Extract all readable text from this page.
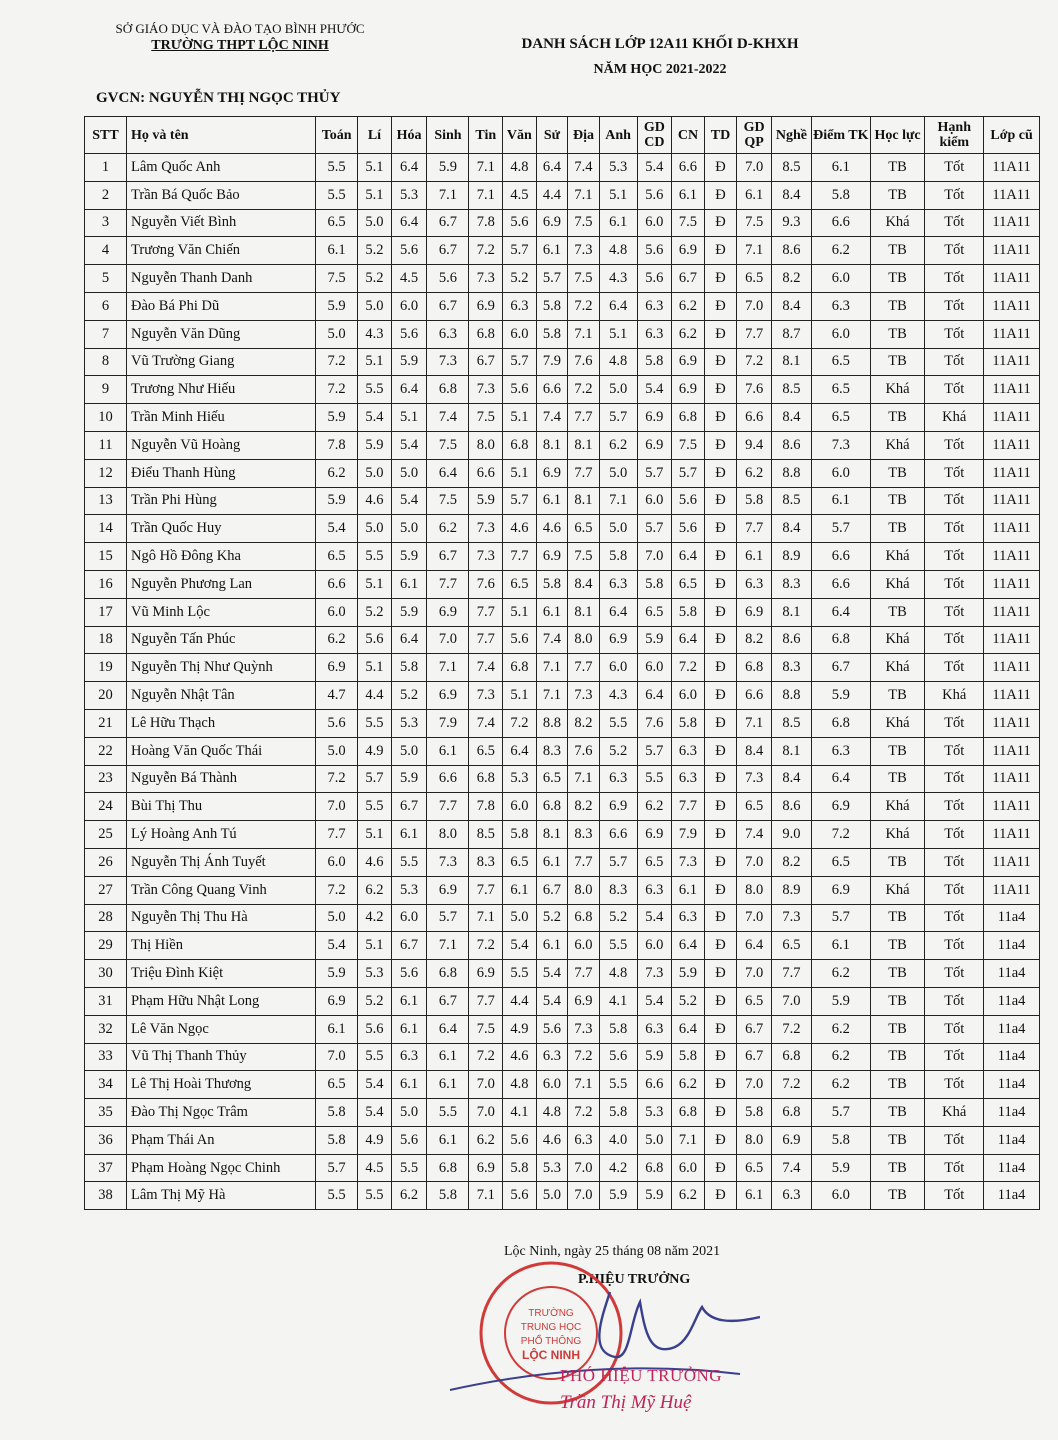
SỞ GIÁO DỤC VÀ ĐÀO TẠO BÌNH PHƯỚC
TRƯỜNG THPT LỘC NINH
GVCN: NGUYỄN THỊ NGỌC THỦY
DANH SÁCH LỚP 12A11 KHỐI D-KHXH
NĂM HỌC 2021-2022
STT	Họ và tên	Toán	Lí	Hóa	Sinh	Tin	Văn	Sử	Địa	Anh	GD CD	CN	TD	GD QP	Nghề	Điểm TK	Học lực	Hạnh kiểm	Lớp cũ
1	Lâm Quốc Anh	5.5	5.1	6.4	5.9	7.1	4.8	6.4	7.4	5.3	5.4	6.6	Đ	7.0	8.5	6.1	TB	Tốt	11A11
2	Trần Bá Quốc Bảo	5.5	5.1	5.3	7.1	7.1	4.5	4.4	7.1	5.1	5.6	6.1	Đ	6.1	8.4	5.8	TB	Tốt	11A11
3	Nguyễn Viết Bình	6.5	5.0	6.4	6.7	7.8	5.6	6.9	7.5	6.1	6.0	7.5	Đ	7.5	9.3	6.6	Khá	Tốt	11A11
4	Trương Văn Chiến	6.1	5.2	5.6	6.7	7.2	5.7	6.1	7.3	4.8	5.6	6.9	Đ	7.1	8.6	6.2	TB	Tốt	11A11
5	Nguyễn Thanh Danh	7.5	5.2	4.5	5.6	7.3	5.2	5.7	7.5	4.3	5.6	6.7	Đ	6.5	8.2	6.0	TB	Tốt	11A11
6	Đào Bá Phi Dũ	5.9	5.0	6.0	6.7	6.9	6.3	5.8	7.2	6.4	6.3	6.2	Đ	7.0	8.4	6.3	TB	Tốt	11A11
7	Nguyễn Văn Dũng	5.0	4.3	5.6	6.3	6.8	6.0	5.8	7.1	5.1	6.3	6.2	Đ	7.7	8.7	6.0	TB	Tốt	11A11
8	Vũ Trường Giang	7.2	5.1	5.9	7.3	6.7	5.7	7.9	7.6	4.8	5.8	6.9	Đ	7.2	8.1	6.5	TB	Tốt	11A11
9	Trương Như Hiếu	7.2	5.5	6.4	6.8	7.3	5.6	6.6	7.2	5.0	5.4	6.9	Đ	7.6	8.5	6.5	Khá	Tốt	11A11
10	Trần Minh Hiếu	5.9	5.4	5.1	7.4	7.5	5.1	7.4	7.7	5.7	6.9	6.8	Đ	6.6	8.4	6.5	TB	Khá	11A11
11	Nguyễn Vũ Hoàng	7.8	5.9	5.4	7.5	8.0	6.8	8.1	8.1	6.2	6.9	7.5	Đ	9.4	8.6	7.3	Khá	Tốt	11A11
12	Điểu Thanh Hùng	6.2	5.0	5.0	6.4	6.6	5.1	6.9	7.7	5.0	5.7	5.7	Đ	6.2	8.8	6.0	TB	Tốt	11A11
13	Trần Phi Hùng	5.9	4.6	5.4	7.5	5.9	5.7	6.1	8.1	7.1	6.0	5.6	Đ	5.8	8.5	6.1	TB	Tốt	11A11
14	Trần Quốc Huy	5.4	5.0	5.0	6.2	7.3	4.6	4.6	6.5	5.0	5.7	5.6	Đ	7.7	8.4	5.7	TB	Tốt	11A11
15	Ngô Hồ Đông Kha	6.5	5.5	5.9	6.7	7.3	7.7	6.9	7.5	5.8	7.0	6.4	Đ	6.1	8.9	6.6	Khá	Tốt	11A11
16	Nguyễn Phương Lan	6.6	5.1	6.1	7.7	7.6	6.5	5.8	8.4	6.3	5.8	6.5	Đ	6.3	8.3	6.6	Khá	Tốt	11A11
17	Vũ Minh Lộc	6.0	5.2	5.9	6.9	7.7	5.1	6.1	8.1	6.4	6.5	5.8	Đ	6.9	8.1	6.4	TB	Tốt	11A11
18	Nguyễn Tấn Phúc	6.2	5.6	6.4	7.0	7.7	5.6	7.4	8.0	6.9	5.9	6.4	Đ	8.2	8.6	6.8	Khá	Tốt	11A11
19	Nguyễn Thị Như Quỳnh	6.9	5.1	5.8	7.1	7.4	6.8	7.1	7.7	6.0	6.0	7.2	Đ	6.8	8.3	6.7	Khá	Tốt	11A11
20	Nguyễn Nhật Tân	4.7	4.4	5.2	6.9	7.3	5.1	7.1	7.3	4.3	6.4	6.0	Đ	6.6	8.8	5.9	TB	Khá	11A11
21	Lê Hữu Thạch	5.6	5.5	5.3	7.9	7.4	7.2	8.8	8.2	5.5	7.6	5.8	Đ	7.1	8.5	6.8	Khá	Tốt	11A11
22	Hoàng Văn Quốc Thái	5.0	4.9	5.0	6.1	6.5	6.4	8.3	7.6	5.2	5.7	6.3	Đ	8.4	8.1	6.3	TB	Tốt	11A11
23	Nguyễn Bá Thành	7.2	5.7	5.9	6.6	6.8	5.3	6.5	7.1	6.3	5.5	6.3	Đ	7.3	8.4	6.4	TB	Tốt	11A11
24	Bùi Thị Thu	7.0	5.5	6.7	7.7	7.8	6.0	6.8	8.2	6.9	6.2	7.7	Đ	6.5	8.6	6.9	Khá	Tốt	11A11
25	Lý Hoàng Anh Tú	7.7	5.1	6.1	8.0	8.5	5.8	8.1	8.3	6.6	6.9	7.9	Đ	7.4	9.0	7.2	Khá	Tốt	11A11
26	Nguyễn Thị Ánh Tuyết	6.0	4.6	5.5	7.3	8.3	6.5	6.1	7.7	5.7	6.5	7.3	Đ	7.0	8.2	6.5	TB	Tốt	11A11
27	Trần Công Quang Vinh	7.2	6.2	5.3	6.9	7.7	6.1	6.7	8.0	8.3	6.3	6.1	Đ	8.0	8.9	6.9	Khá	Tốt	11A11
28	Nguyễn Thị Thu Hà	5.0	4.2	6.0	5.7	7.1	5.0	5.2	6.8	5.2	5.4	6.3	Đ	7.0	7.3	5.7	TB	Tốt	11a4
29	Thị Hiền	5.4	5.1	6.7	7.1	7.2	5.4	6.1	6.0	5.5	6.0	6.4	Đ	6.4	6.5	6.1	TB	Tốt	11a4
30	Triệu Đình Kiệt	5.9	5.3	5.6	6.8	6.9	5.5	5.4	7.7	4.8	7.3	5.9	Đ	7.0	7.7	6.2	TB	Tốt	11a4
31	Phạm Hữu Nhật Long	6.9	5.2	6.1	6.7	7.7	4.4	5.4	6.9	4.1	5.4	5.2	Đ	6.5	7.0	5.9	TB	Tốt	11a4
32	Lê Văn Ngọc	6.1	5.6	6.1	6.4	7.5	4.9	5.6	7.3	5.8	6.3	6.4	Đ	6.7	7.2	6.2	TB	Tốt	11a4
33	Vũ Thị Thanh Thủy	7.0	5.5	6.3	6.1	7.2	4.6	6.3	7.2	5.6	5.9	5.8	Đ	6.7	6.8	6.2	TB	Tốt	11a4
34	Lê Thị Hoài Thương	6.5	5.4	6.1	6.1	7.0	4.8	6.0	7.1	5.5	6.6	6.2	Đ	7.0	7.2	6.2	TB	Tốt	11a4
35	Đào Thị Ngọc Trâm	5.8	5.4	5.0	5.5	7.0	4.1	4.8	7.2	5.8	5.3	6.8	Đ	5.8	6.8	5.7	TB	Khá	11a4
36	Phạm Thái An	5.8	4.9	5.6	6.1	6.2	5.6	4.6	6.3	4.0	5.0	7.1	Đ	8.0	6.9	5.8	TB	Tốt	11a4
37	Phạm Hoàng Ngọc Chinh	5.7	4.5	5.5	6.8	6.9	5.8	5.3	7.0	4.2	6.8	6.0	Đ	6.5	7.4	5.9	TB	Tốt	11a4
38	Lâm Thị Mỹ Hà	5.5	5.5	6.2	5.8	7.1	5.6	5.0	7.0	5.9	5.9	6.2	Đ	6.1	6.3	6.0	TB	Tốt	11a4
Lộc Ninh, ngày 25 tháng 08 năm 2021
P.HIỆU TRƯỞNG
TRƯỜNG
TRUNG HỌC
PHỔ THÔNG
LỘC NINH
PHÓ HIỆU TRƯỞNG
Trần Thị Mỹ Huệ
